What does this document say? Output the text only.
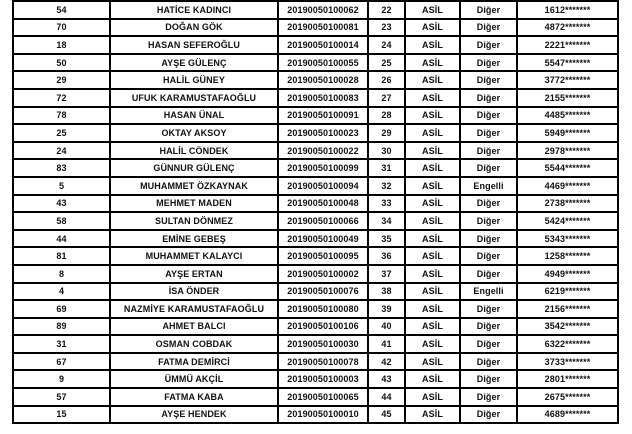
54	HATİCE KADINCI	20190050100062	22	ASİL	Diğer	1612*******
70	DOĞAN GÖK	20190050100081	23	ASİL	Diğer	4872*******
18	HASAN SEFEROĞLU	20190050100014	24	ASİL	Diğer	2221*******
50	AYŞE GÜLENÇ	20190050100055	25	ASİL	Diğer	5547*******
29	HALİL GÜNEY	20190050100028	26	ASİL	Diğer	3772*******
72	UFUK KARAMUSTAFAOĞLU	20190050100083	27	ASİL	Diğer	2155*******
78	HASAN ÜNAL	20190050100091	28	ASİL	Diğer	4485*******
25	OKTAY AKSOY	20190050100023	29	ASİL	Diğer	5949*******
24	HALİL CÖNDEK	20190050100022	30	ASİL	Diğer	2978*******
83	GÜNNUR GÜLENÇ	20190050100099	31	ASİL	Diğer	5544*******
5	MUHAMMET ÖZKAYNAK	20190050100094	32	ASİL	Engelli	4469*******
43	MEHMET MADEN	20190050100048	33	ASİL	Diğer	2738*******
58	SULTAN DÖNMEZ	20190050100066	34	ASİL	Diğer	5424*******
44	EMİNE GEBEŞ	20190050100049	35	ASİL	Diğer	5343*******
81	MUHAMMET KALAYCI	20190050100095	36	ASİL	Diğer	1258*******
8	AYŞE ERTAN	20190050100002	37	ASİL	Diğer	4949*******
4	İSA ÖNDER	20190050100076	38	ASİL	Engelli	6219*******
69	NAZMİYE KARAMUSTAFAOĞLU	20190050100080	39	ASİL	Diğer	2156*******
89	AHMET BALCI	20190050100106	40	ASİL	Diğer	3542*******
31	OSMAN COBDAK	20190050100030	41	ASİL	Diğer	6322*******
67	FATMA DEMİRCİ	20190050100078	42	ASİL	Diğer	3733*******
9	ÜMMÜ AKÇİL	20190050100003	43	ASİL	Diğer	2801*******
57	FATMA KABA	20190050100065	44	ASİL	Diğer	2675*******
15	AYŞE HENDEK	20190050100010	45	ASİL	Diğer	4689*******
